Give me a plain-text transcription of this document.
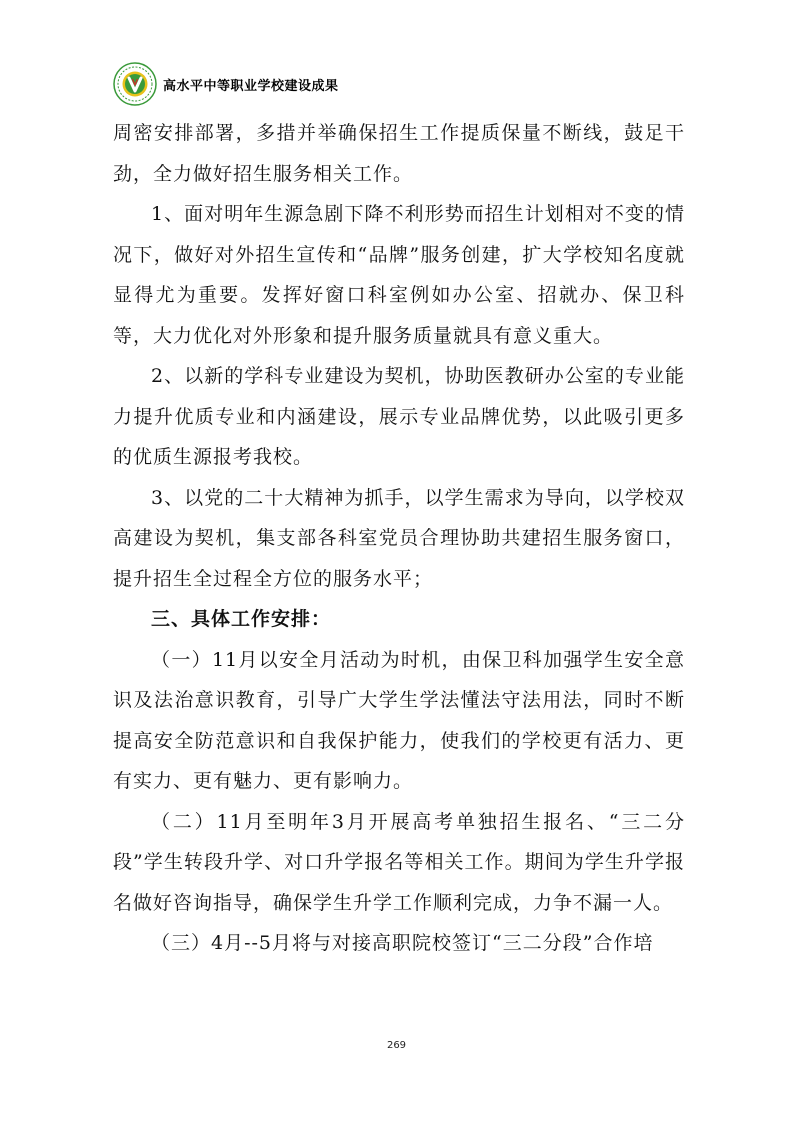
高水平中等职业学校建设成果

周密安排部署，多措并举确保招生工作提质保量不断线，鼓足干劲，全力做好招生服务相关工作。

1、面对明年生源急剧下降不利形势而招生计划相对不变的情况下，做好对外招生宣传和“品牌”服务创建，扩大学校知名度就显得尤为重要。发挥好窗口科室例如办公室、招就办、保卫科等，大力优化对外形象和提升服务质量就具有意义重大。

2、以新的学科专业建设为契机，协助医教研办公室的专业能力提升优质专业和内涵建设，展示专业品牌优势，以此吸引更多的优质生源报考我校。

3、以党的二十大精神为抓手，以学生需求为导向，以学校双高建设为契机，集支部各科室党员合理协助共建招生服务窗口，提升招生全过程全方位的服务水平；

三、具体工作安排：

（一）11月以安全月活动为时机，由保卫科加强学生安全意识及法治意识教育，引导广大学生学法懂法守法用法，同时不断提高安全防范意识和自我保护能力，使我们的学校更有活力、更有实力、更有魅力、更有影响力。

（二）11月至明年3月开展高考单独招生报名、“三二分段”学生转段升学、对口升学报名等相关工作。期间为学生升学报名做好咨询指导，确保学生升学工作顺利完成，力争不漏一人。

（三）4月--5月将与对接高职院校签订“三二分段”合作培

269
